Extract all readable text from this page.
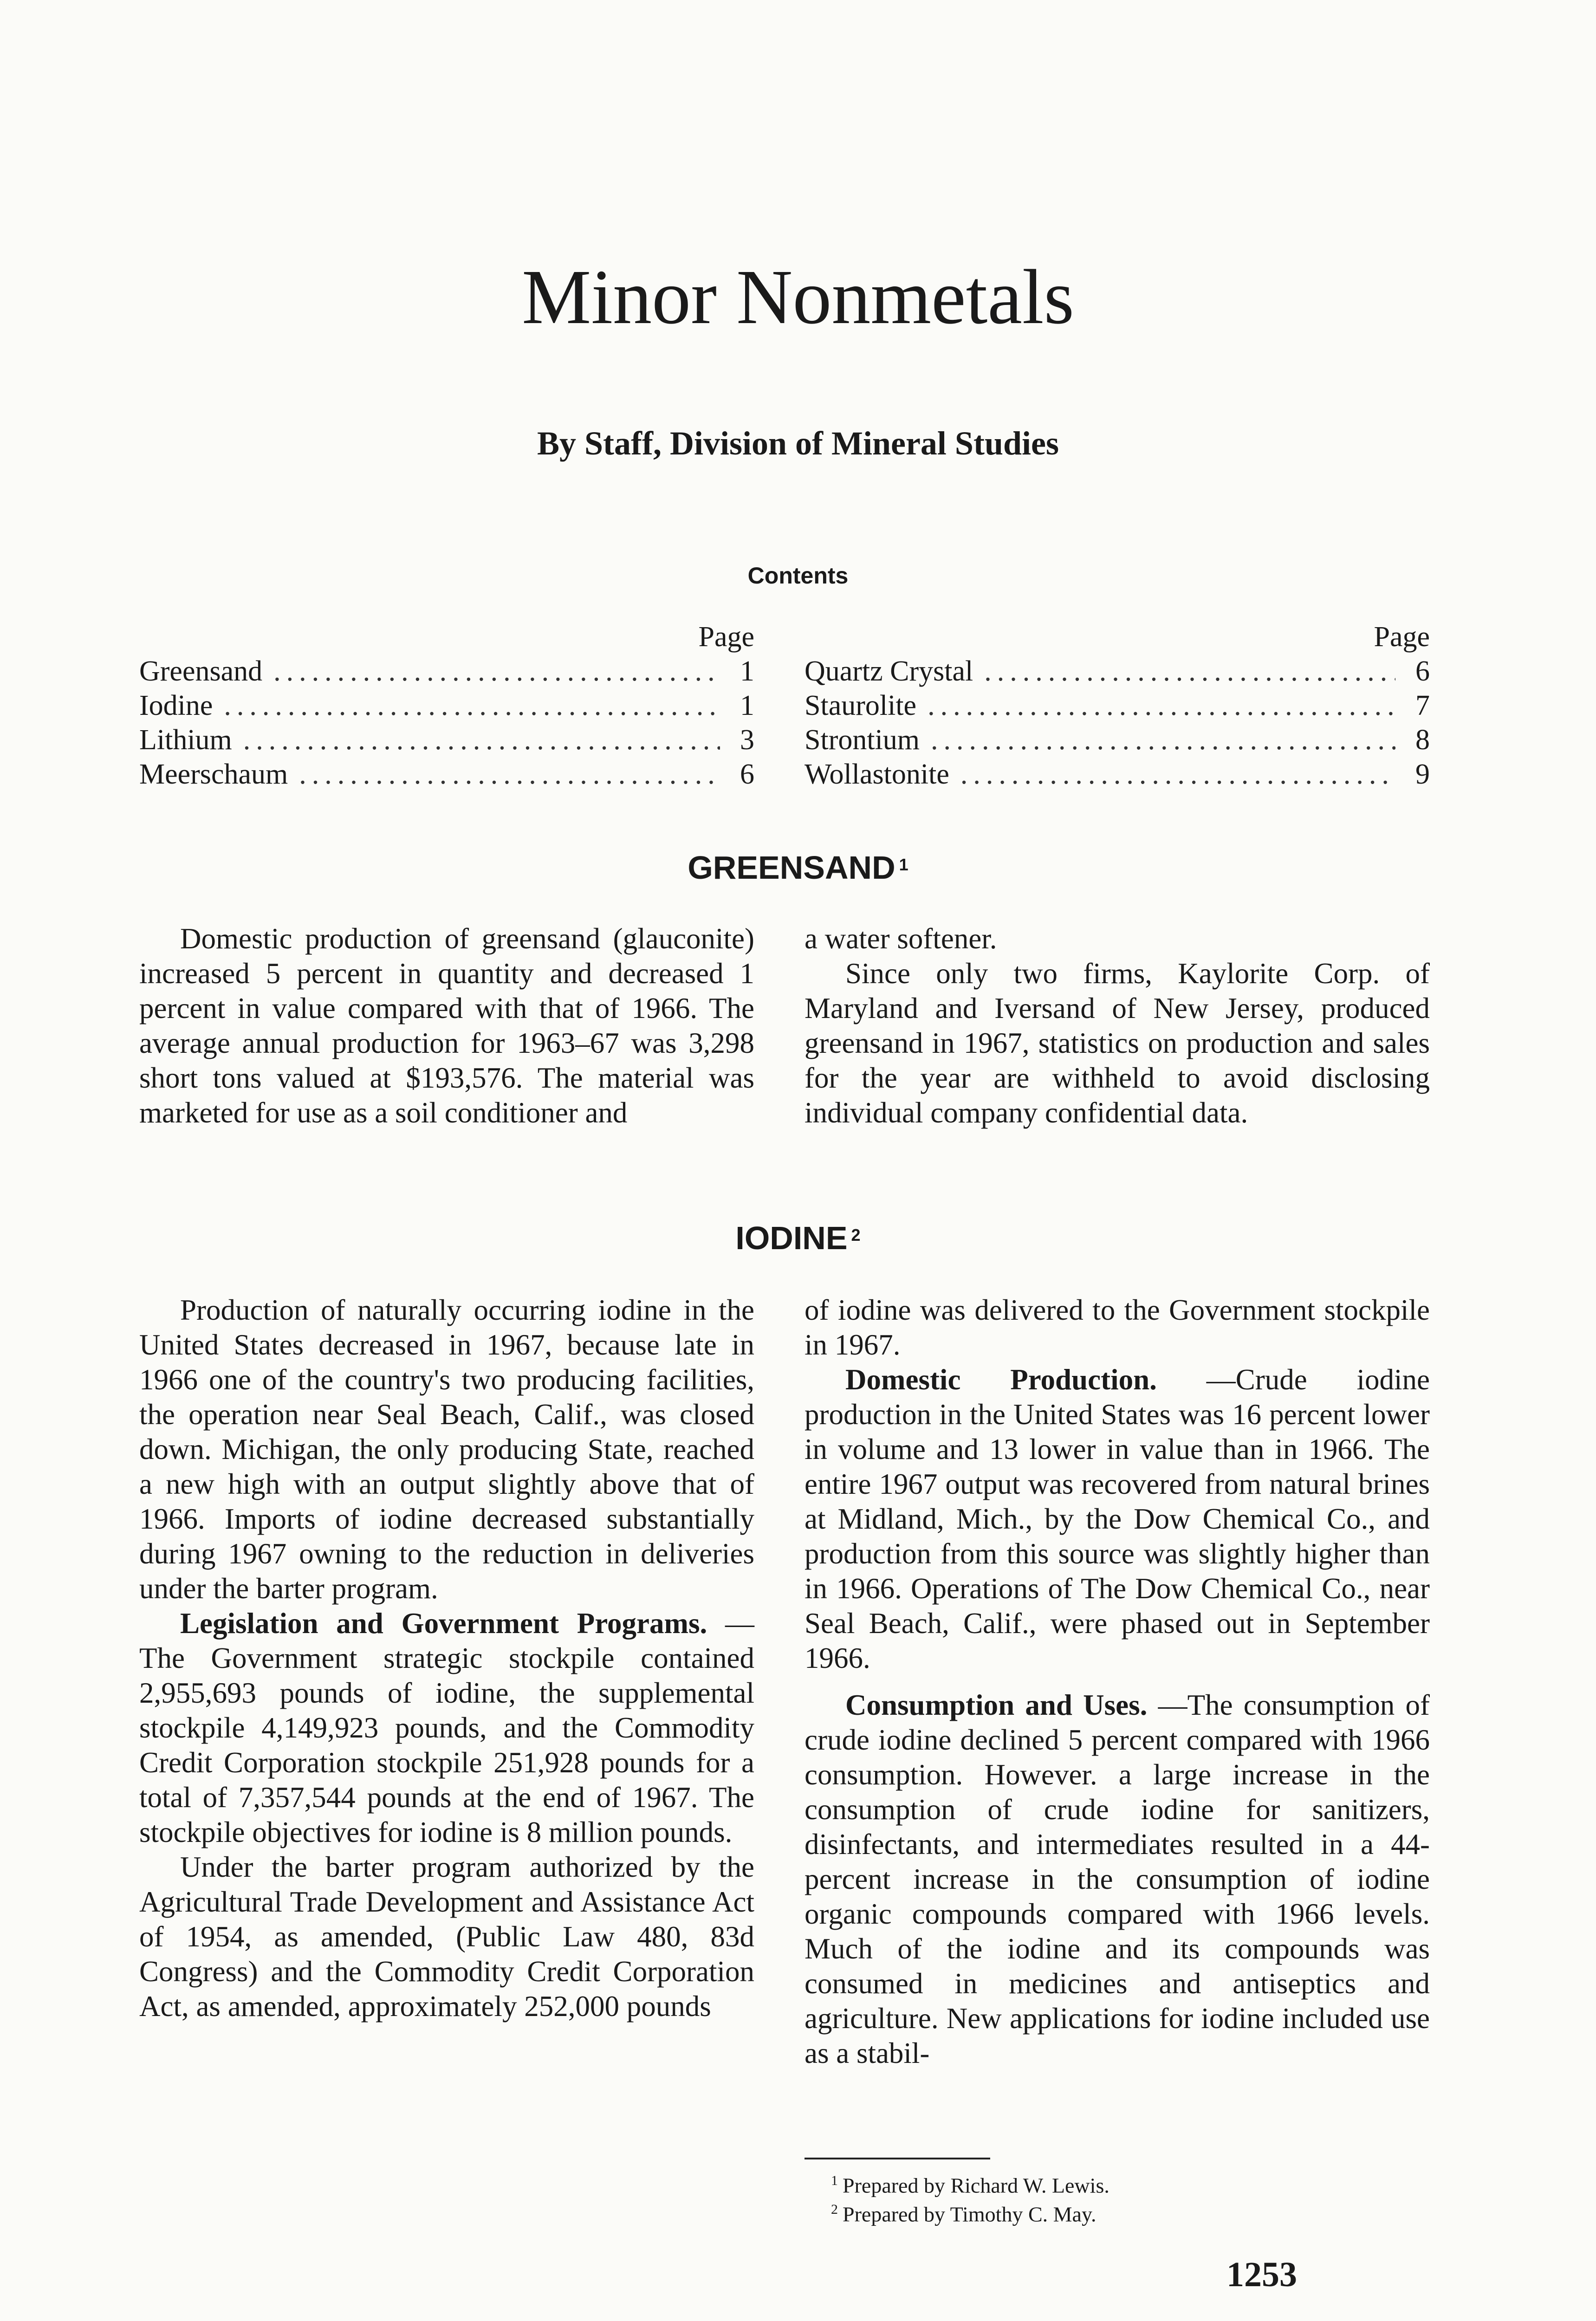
Minor Nonmetals
By Staff, Division of Mineral Studies
Contents
Page
Greensand .....	1
Iodine .....	1
Lithium .....	3
Meerschaum .....	6
Page
Quartz Crystal .....	6
Staurolite .....	7
Strontium .....	8
Wollastonite .....	9
GREENSAND $^1$

Domestic production of greensand (glauconite) increased 5 percent in quantity and decreased 1 percent in value compared with that of 1966. The average annual production for 1963–67 was 3,298 short tons valued at $193,576. The material was marketed for use as a soil conditioner and

a water softener.

Since only two firms, Kaylorite Corp. of Maryland and Iversand of New Jersey, produced greensand in 1967, statistics on production and sales for the year are withheld to avoid disclosing individual company confidential data.

IODINE $^2$

Production of naturally occurring iodine in the United States decreased in 1967, because late in 1966 one of the country's two producing facilities, the operation near Seal Beach, Calif., was closed down. Michigan, the only producing State, reached a new high with an output slightly above that of 1966. Imports of iodine decreased substantially during 1967 owning to the reduction in deliveries under the barter program.

Legislation and Government Programs. —The Government strategic stockpile contained 2,955,693 pounds of iodine, the supplemental stockpile 4,149,923 pounds, and the Commodity Credit Corporation stockpile 251,928 pounds for a total of 7,357,544 pounds at the end of 1967. The stockpile objectives for iodine is 8 million pounds.

Under the barter program authorized by the Agricultural Trade Development and Assistance Act of 1954, as amended, (Public Law 480, 83d Congress) and the Commodity Credit Corporation Act, as amended, approximately 252,000 pounds

of iodine was delivered to the Government stockpile in 1967.

Domestic Production. —Crude iodine production in the United States was 16 percent lower in volume and 13 lower in value than in 1966. The entire 1967 output was recovered from natural brines at Midland, Mich., by the Dow Chemical Co., and production from this source was slightly higher than in 1966. Operations of The Dow Chemical Co., near Seal Beach, Calif., were phased out in September 1966.

Consumption and Uses. —The consumption of crude iodine declined 5 percent compared with 1966 consumption. However. a large increase in the consumption of crude iodine for sanitizers, disinfectants, and intermediates resulted in a 44-percent increase in the consumption of iodine organic compounds compared with 1966 levels. Much of the iodine and its compounds was consumed in medicines and antiseptics and agriculture. New applications for iodine included use as a stabil-

$^1$ Prepared by Richard W. Lewis.
$^2$ Prepared by Timothy C. May.
1253
